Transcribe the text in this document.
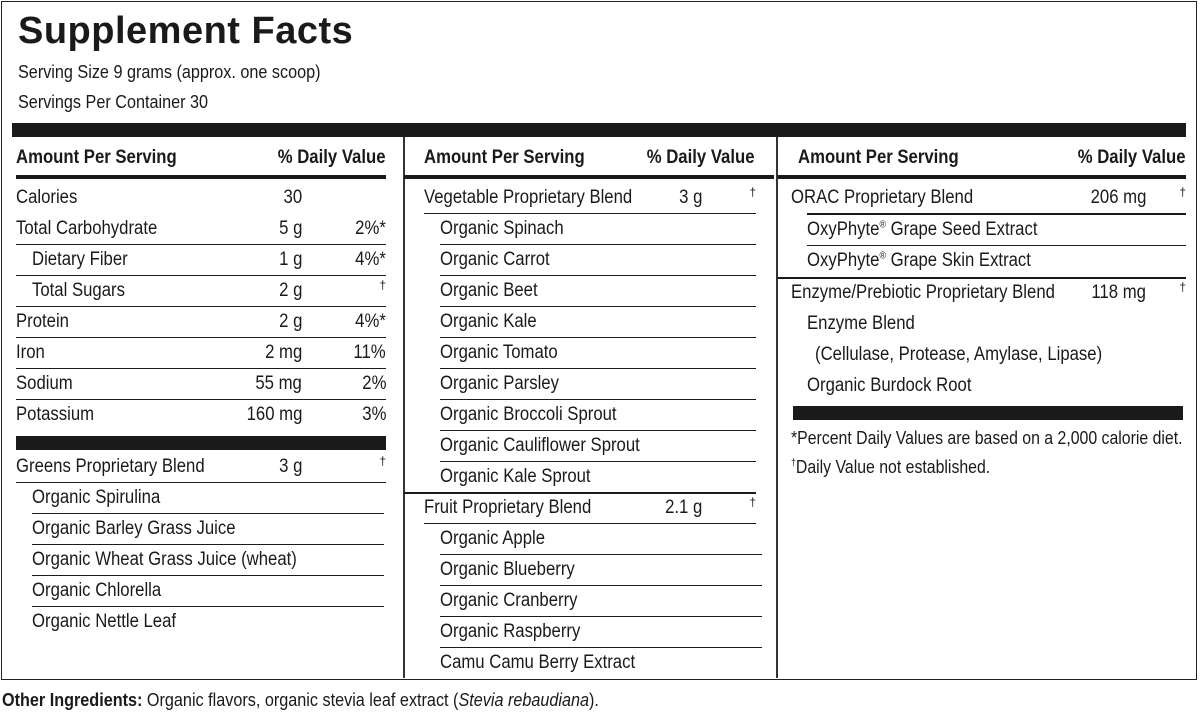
Supplement Facts
Serving Size 9 grams (approx. one scoop)
Servings Per Container 30
Amount Per Serving	% Daily Value
Calories	30
Total Carbohydrate	5 g	2%*
Dietary Fiber	1 g	4%*
Total Sugars	2 g	†
Protein	2 g	4%*
Iron	2 mg	11%
Sodium	55 mg	2%
Potassium	160 mg	3%
Greens Proprietary Blend	3 g	†
Organic Spirulina
Organic Barley Grass Juice
Organic Wheat Grass Juice (wheat)
Organic Chlorella
Organic Nettle Leaf
Amount Per Serving	% Daily Value
Vegetable Proprietary Blend 3 g	†
Organic Spinach
Organic Carrot
Organic Beet
Organic Kale
Organic Tomato
Organic Parsley
Organic Broccoli Sprout
Organic Cauliflower Sprout
Organic Kale Sprout
Fruit Proprietary Blend	2.1 g	†
Organic Apple
Organic Blueberry
Organic Cranberry
Organic Raspberry
Camu Camu Berry Extract
Amount Per Serving	% Daily Value
ORAC Proprietary Blend	206 mg	†
OxyPhyte® Grape Seed Extract
OxyPhyte® Grape Skin Extract
Enzyme/Prebiotic Proprietary Blend 118 mg	†
Enzyme Blend
(Cellulase, Protease, Amylase, Lipase)
Organic Burdock Root
*Percent Daily Values are based on a 2,000 calorie diet.
†Daily Value not established.
Other Ingredients: Organic flavors, organic stevia leaf extract (Stevia rebaudiana).
